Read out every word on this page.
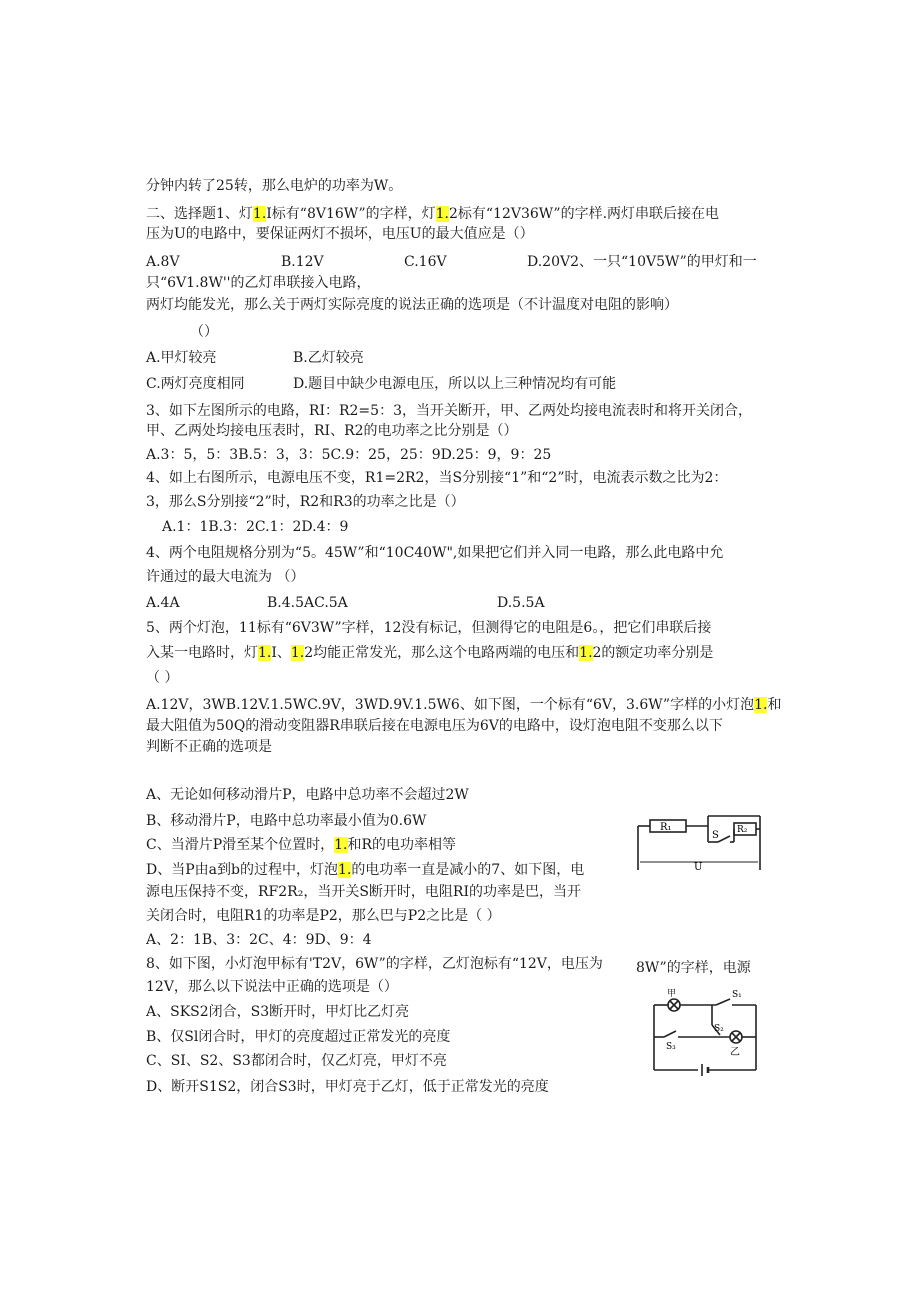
分钟内转了25转，那么电炉的功率为W。
二、选择题1、灯1.I标有“8V16W”的字样，灯1.2标有“12V36W”的字样.两灯串联后接在电
压为U的电路中，要保证两灯不损坏，电压U的最大值应是（）
A.8V	B.12V	C.16V	D.20V2、一只“10V5W”的甲灯和一
只“6V1.8W''的乙灯串联接入电路，
两灯均能发光，那么关于两灯实际亮度的说法正确的选项是（不计温度对电阻的影响）
（）
A.甲灯较亮	B.乙灯较亮
C.两灯亮度相同	D.题目中缺少电源电压，所以以上三种情况均有可能
3、如下左图所示的电路，RI：R2=5：3，当开关断开，甲、乙两处均接电流表时和将开关闭合，
甲、乙两处均接电压表时，RI、R2的电功率之比分别是（）
A.3：5，5：3B.5：3，3：5C.9：25，25：9D.25：9，9：25
4、如上右图所示，电源电压不变，R1=2R2，当S分别接“1”和“2”时，电流表示数之比为2：
3，那么S分别接“2”时，R2和R3的功率之比是（）
A.1：1B.3：2C.1：2D.4：9
4、两个电阻规格分别为“5。45W”和“10C40W",如果把它们并入同一电路，那么此电路中允
许通过的最大电流为 （）
A.4A	B.4.5AC.5A	D.5.5A
5、两个灯泡，11标有“6V3W”字样，12没有标记，但测得它的电阻是6。，把它们串联后接
入某一电路时，灯1.I、1.2均能正常发光，那么这个电路两端的电压和1.2的额定功率分别是
（ ）
A.12V，3WB.12V.1.5WC.9V，3WD.9V.1.5W6、如下图，一个标有“6V，3.6W”字样的小灯泡1.和
最大阻值为50Q的滑动变阻器R串联后接在电源电压为6V的电路中，设灯泡电阻不变那么以下
判断不正确的选项是
A、无论如何移动滑片P，电路中总功率不会超过2W
B、移动滑片P，电路中总功率最小值为0.6W
C、当滑片P滑至某个位置时，1.和R的电功率相等
D、当P由a到b的过程中，灯泡1.的电功率一直是减小的7、如下图，电
源电压保持不变，RF2R₂，当开关S断开时，电阻RI的功率是巴，当开
关闭合时，电阻R1的功率是P2，那么巴与P2之比是（ ）
A、2：1B、3：2C、4：9D、9：4
8、如下图，小灯泡甲标有'T2V，6W”的字样，乙灯泡标有“12V，电压为
12V，那么以下说法中正确的选项是（）
A、SKS2闭合，S3断开时，甲灯比乙灯亮
B、仅Sl闭合时，甲灯的亮度超过正常发光的亮度
C、SI、S2、S3都闭合时，仅乙灯亮，甲灯不亮
D、断开S1S2，闭合S3时，甲灯亮于乙灯，低于正常发光的亮度
R₁
S R₂
U
8W”的字样，电源
甲	S₁
S₂
S₃	乙
